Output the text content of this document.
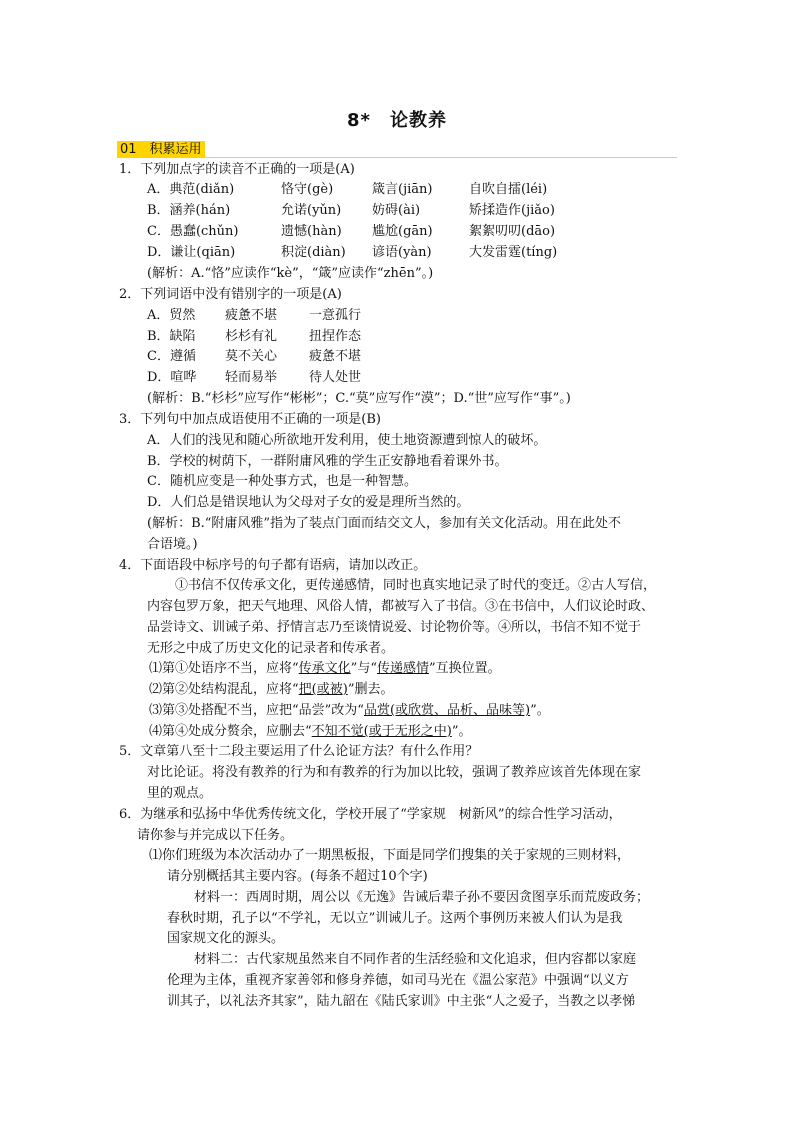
8*　论教养
01　积累运用
1．下列加点字的读音不正确的一项是(A)
A．典范(diǎn)	恪守(gè)	箴言(jiān)	自吹自擂(léi)
B．涵养(hán)	允诺(yǔn) 妨碍(ài)	矫揉造作(jiǎo)
C．愚蠢(chǔn)	遗憾(hàn) 尴尬(gān)	絮絮叨叨(dāo)
D．谦让(qiān)	积淀(diàn) 谚语(yàn)	大发雷霆(tíng)
(解析：A.“恪”应读作“kè”，“箴”应读作“zhēn”。)
2．下列词语中没有错别字的一项是(A)
A．贸然 疲惫不堪 一意孤行
B．缺陷 杉杉有礼 扭捏作态
C．遵循 莫不关心 疲惫不堪
D．喧哗 轻而易举 待人处世
(解析：B.“杉杉”应写作“彬彬”；C.“莫”应写作“漠”；D.“世”应写作“事”。)
3．下列句中加点成语使用不正确的一项是(B)
A．人们的浅见和随心所欲地开发利用，使土地资源遭到惊人的破坏。
B．学校的树荫下，一群附庸风雅的学生正安静地看着课外书。
C．随机应变是一种处事方式，也是一种智慧。
D．人们总是错误地认为父母对子女的爱是理所当然的。
(解析：B.“附庸风雅”指为了装点门面而结交文人，参加有关文化活动。用在此处不
合语境。)
4．下面语段中标序号的句子都有语病，请加以改正。
①书信不仅传承文化，更传递感情，同时也真实地记录了时代的变迁。②古人写信，
内容包罗万象，把天气地理、风俗人情，都被写入了书信。③在书信中，人们议论时政、
品尝诗文、训诫子弟、抒情言志乃至谈情说爱、讨论物价等。④所以，书信不知不觉于
无形之中成了历史文化的记录者和传承者。
⑴第①处语序不当，应将“传承文化”与“传递感情”互换位置。
⑵第②处结构混乱，应将“把(或被)”删去。
⑶第③处搭配不当，应把“品尝”改为“品赏(或欣赏、品析、品味等)”。
⑷第④处成分赘余，应删去“不知不觉(或于无形之中)”。
5．文章第八至十二段主要运用了什么论证方法？有什么作用？
对比论证。将没有教养的行为和有教养的行为加以比较，强调了教养应该首先体现在家
里的观点。
6．为继承和弘扬中华优秀传统文化，学校开展了“学家规　树新风”的综合性学习活动，
请你参与并完成以下任务。
⑴你们班级为本次活动办了一期黑板报，下面是同学们搜集的关于家规的三则材料，
请分别概括其主要内容。(每条不超过10个字)
材料一：西周时期，周公以《无逸》告诫后辈子孙不要因贪图享乐而荒废政务；
春秋时期，孔子以“不学礼，无以立”训诫儿子。这两个事例历来被人们认为是我
国家规文化的源头。
材料二：古代家规虽然来自不同作者的生活经验和文化追求，但内容都以家庭
伦理为主体，重视齐家善邻和修身养德，如司马光在《温公家范》中强调“以义方
训其子，以礼法齐其家”，陆九韶在《陆氏家训》中主张“人之爱子，当教之以孝悌
